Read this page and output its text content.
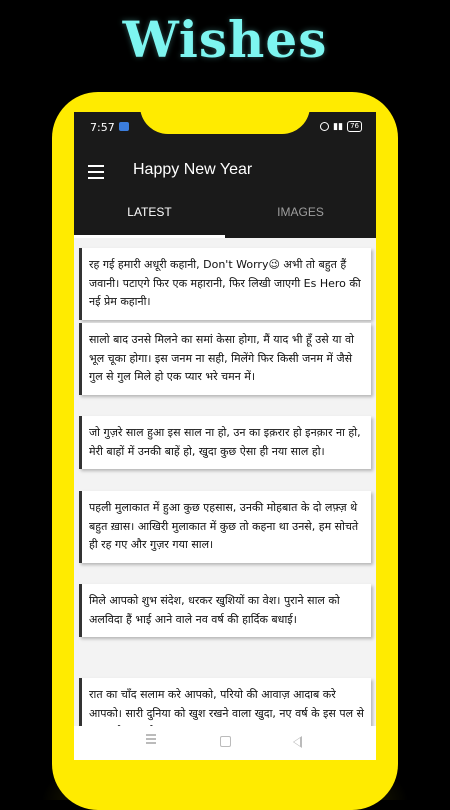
Wishes
7:57	▮▮	76
Happy New Year
LATEST	IMAGES
रह गई हमारी अधूरी कहानी, Don't Worry😉 अभी तो बहुत हैं जवानी। पटाएगे फिर एक महारानी, फिर लिखी जाएगी Es Hero की नई प्रेम कहानी।
सालो बाद उनसे मिलने का समां केसा होगा, मैं याद भी हूँ उसे या वो भूल चूका होगा। इस जनम ना सही, मिलेंगे फिर किसी जनम में जैसे गुल से गुल मिले हो एक प्यार भरे चमन में।
जो गुज़रे साल हुआ इस साल ना हो, उन का इक़रार हो इनक़ार ना हो, मेरी बाहों में उनकी बाहें हो, खुदा कुछ ऐसा ही नया साल हो।
पहली मुलाकात में हुआ कुछ एहसास, उनकी मोहबात के दो लफ़्ज़ थे बहुत ख़ास। आखिरी मुलाकात में कुछ तो कहना था उनसे, हम सोचते ही रह गए और गुज़र गया साल।
मिले आपको शुभ संदेश, धरकर खुशियों का वेश। पुराने साल को अलविदा हैं भाई आने वाले नव वर्ष की हार्दिक बधाई।
रात का चाँद सलाम करे आपको, परियो की आवाज़ आदाब करे आपको। सारी दुनिया को खुश रखने वाला खुदा, नए वर्ष के इस पल से
